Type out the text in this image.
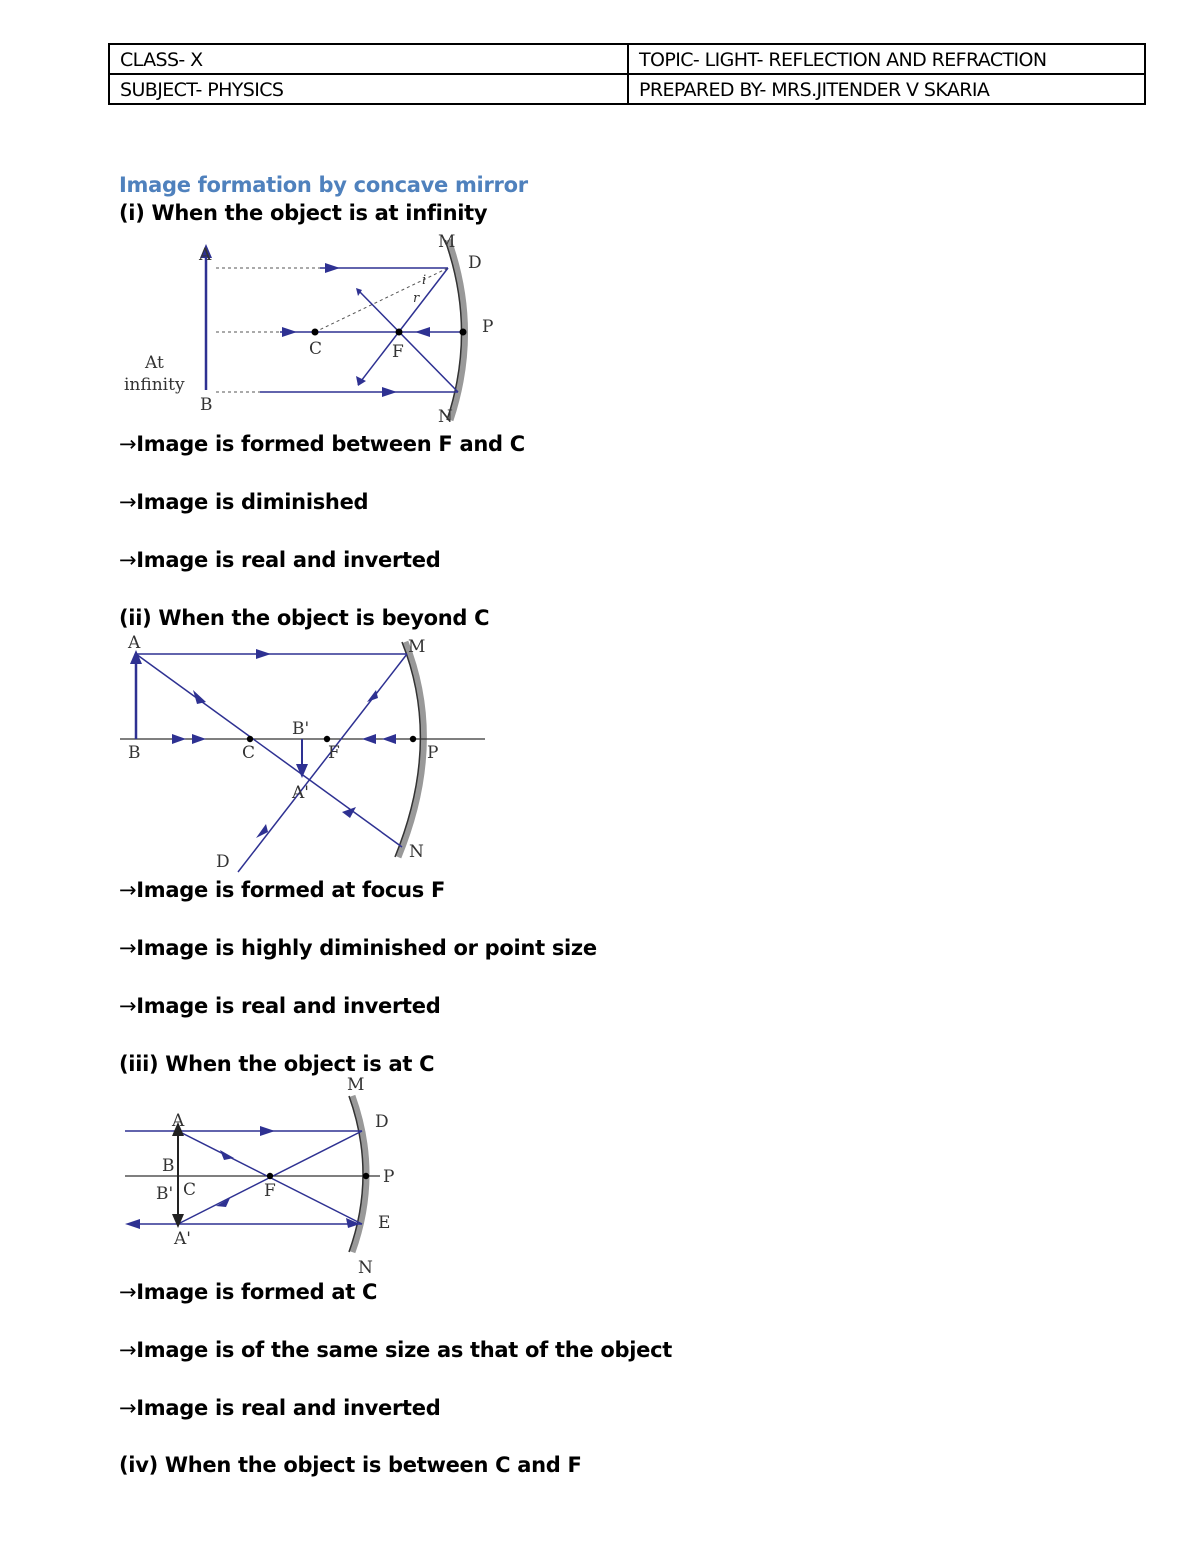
CLASS- X	TOPIC- LIGHT- REFLECTION AND REFRACTION
SUBJECT- PHYSICS	PREPARED BY- MRS.JITENDER V SKARIA
Image formation by concave mirror
(i) When the object is at infinity
A
B
M
D
P
N
C	F
i
r
At
infinity
→Image is formed between F and C
→Image is diminished
→Image is real and inverted
(ii) When the object is beyond C
A	M
B	C
B'
F	P
A'
D	N
→Image is formed at focus F
→Image is highly diminished or point size
→Image is real and inverted
(iii) When the object is at C
M
A	D
B
P
B' C	F
E
A'
N
→Image is formed at C
→Image is of the same size as that of the object
→Image is real and inverted
(iv) When the object is between C and F
